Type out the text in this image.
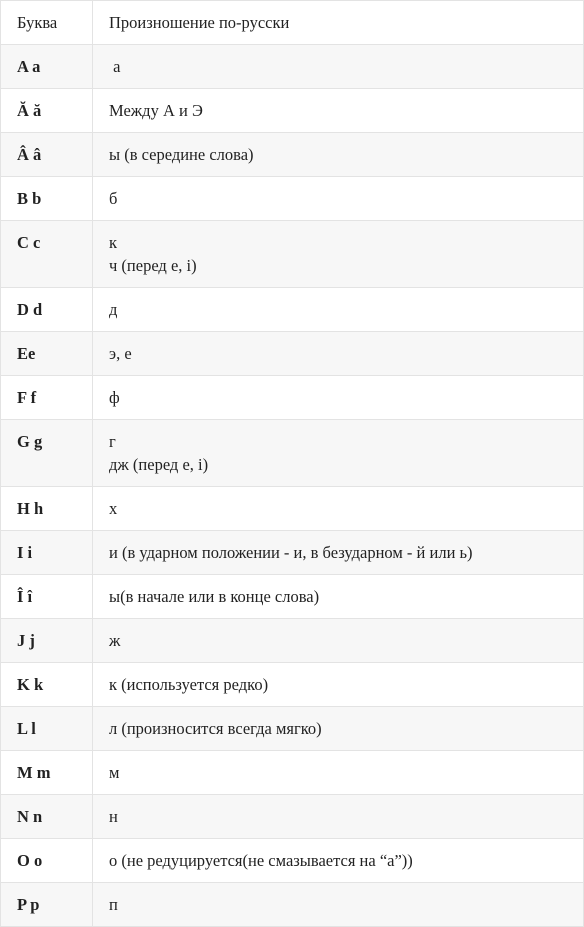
Буква	Произношение по-русски
A a	а

Ă ă	Между А и Э

Â â	ы (в середине слова)

B b	б

C c	к
ч (перед e, i)

D d	д

Ee	э, е

F f	ф

G g	г
дж (перед e, i)

H h	х

I i	и (в ударном положении - и, в безударном - й или ь)

Î î	ы(в начале или в конце слова)

J j	ж

K k	к (используется редко)

L l	л (произносится всегда мягко)

M m	м

N n	н

O o	о (не редуцируется(не смазывается на “а”))

P p	п
